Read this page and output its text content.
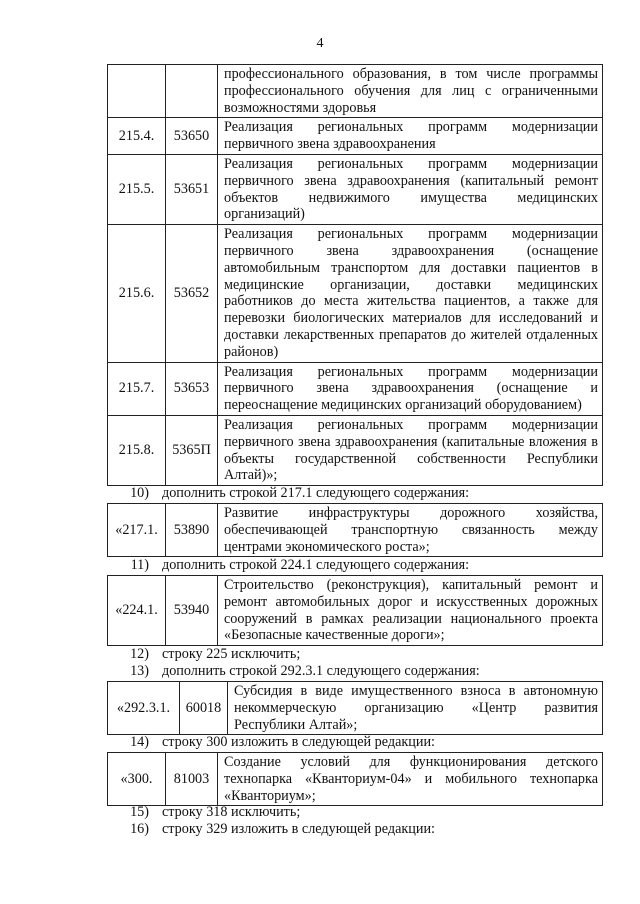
4
		профессионального образования, в том числе программы профессионального обучения для лиц с ограниченными возможностями здоровья
215.4.	53650	Реализация региональных программ модернизации первичного звена здравоохранения
215.5.	53651	Реализация региональных программ модернизации первичного звена здравоохранения (капитальный ремонт объектов недвижимого имущества медицинских организаций)
215.6.	53652	Реализация региональных программ модернизации первичного звена здравоохранения (оснащение автомобильным транспортом для доставки пациентов в медицинские организации, доставки медицинских работников до места жительства пациентов, а также для перевозки биологических материалов для исследований и доставки лекарственных препаратов до жителей отдаленных районов)
215.7.	53653	Реализация региональных программ модернизации первичного звена здравоохранения (оснащение и переоснащение медицинских организаций оборудованием)
215.8.	5365П	Реализация региональных программ модернизации первичного звена здравоохранения (капитальные вложения в объекты государственной собственности Республики Алтай)»;
10) дополнить строкой 217.1 следующего содержания:
«217.1.	53890	Развитие инфраструктуры дорожного хозяйства, обеспечивающей транспортную связанность между центрами экономического роста»;
11) дополнить строкой 224.1 следующего содержания:
«224.1.	53940	Строительство (реконструкция), капитальный ремонт и ремонт автомобильных дорог и искусственных дорожных сооружений в рамках реализации национального проекта «Безопасные качественные дороги»;
12) строку 225 исключить;
13) дополнить строкой 292.3.1 следующего содержания:
«292.3.1.	60018	Субсидия в виде имущественного взноса в автономную некоммерческую организацию «Центр развития Республики Алтай»;
14) строку 300 изложить в следующей редакции:
«300.	81003	Создание условий для функционирования детского технопарка «Кванториум-04» и мобильного технопарка «Кванториум»;
15) строку 318 исключить;
16) строку 329 изложить в следующей редакции:
